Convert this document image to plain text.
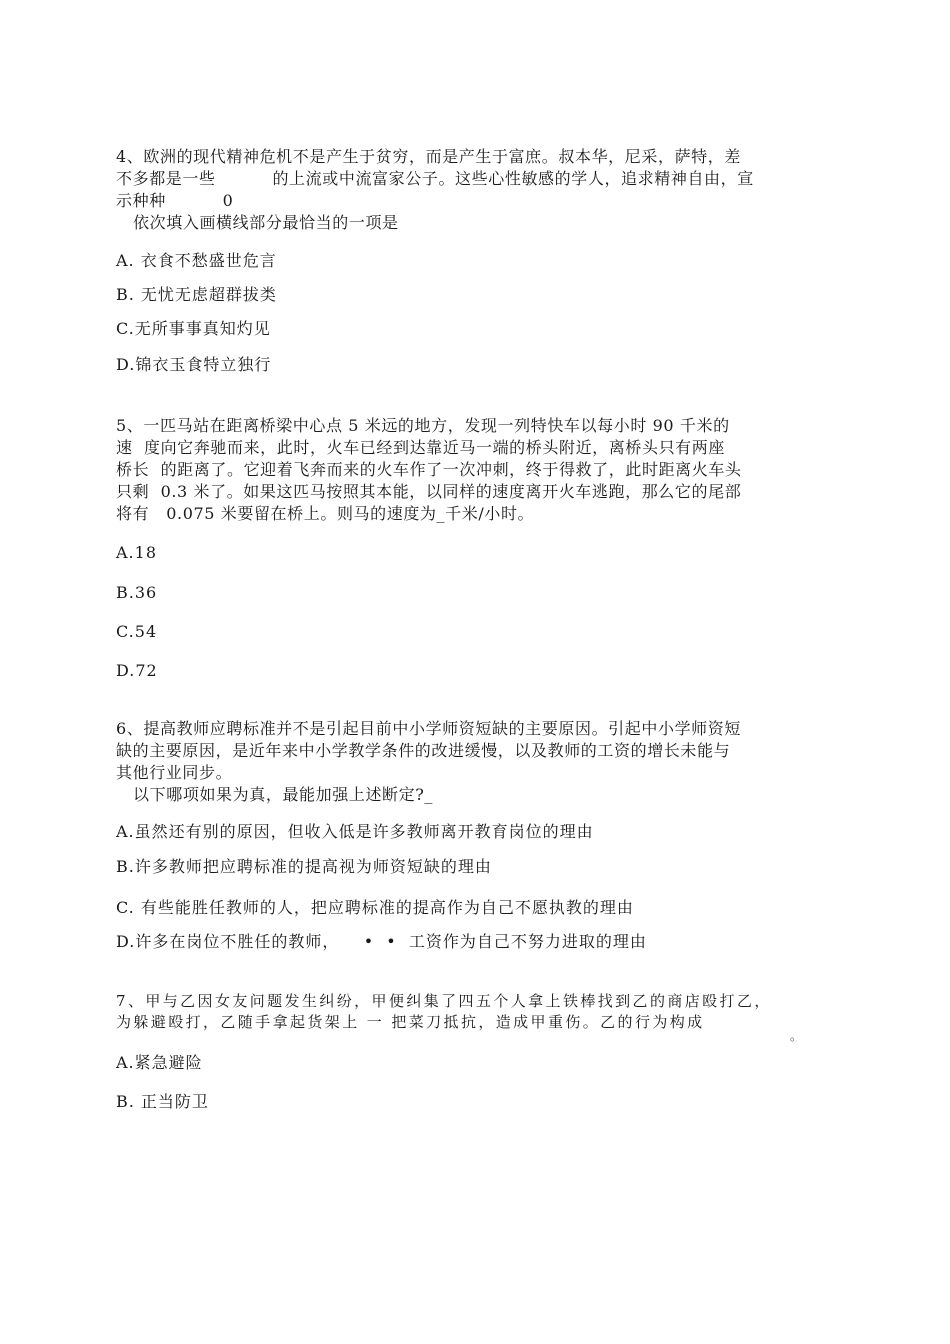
4、欧洲的现代精神危机不是产生于贫穷，而是产生于富庶。叔本华，尼采，萨特，差
不多都是一些          的上流或中流富家公子。这些心性敏感的学人，追求精神自由，宣
示种种          0
依次填入画横线部分最恰当的一项是
A. 衣食不愁盛世危言
B. 无忧无虑超群拔类
C.无所事事真知灼见
D.锦衣玉食特立独行
5、一匹马站在距离桥梁中心点 5 米远的地方，发现一列特快车以每小时 90 千米的
速  度向它奔驰而来，此时，火车已经到达靠近马一端的桥头附近，离桥头只有两座
桥长  的距离了。它迎着飞奔而来的火车作了一次冲刺，终于得救了，此时距离火车头
只剩  0.3 米了。如果这匹马按照其本能，以同样的速度离开火车逃跑，那么它的尾部
将有   0.075 米要留在桥上。则马的速度为_千米/小时。
A.18
B.36
C.54
D.72
6、提高教师应聘标准并不是引起目前中小学师资短缺的主要原因。引起中小学师资短
缺的主要原因，是近年来中小学教学条件的改进缓慢，以及教师的工资的增长未能与
其他行业同步。
以下哪项如果为真，最能加强上述断定?_
A.虽然还有别的原因，但收入低是许多教师离开教育岗位的理由
B.许多教师把应聘标准的提高视为师资短缺的理由
C. 有些能胜任教师的人，把应聘标准的提高作为自己不愿执教的理由
D.许多在岗位不胜任的教师，    •  •  工资作为自己不努力进取的理由
7、甲与乙因女友问题发生纠纷，甲便纠集了四五个人拿上铁棒找到乙的商店殴打乙，
为躲避殴打，乙随手拿起货架上 一 把菜刀抵抗，造成甲重伤。乙的行为构成
。
A.紧急避险
B. 正当防卫
